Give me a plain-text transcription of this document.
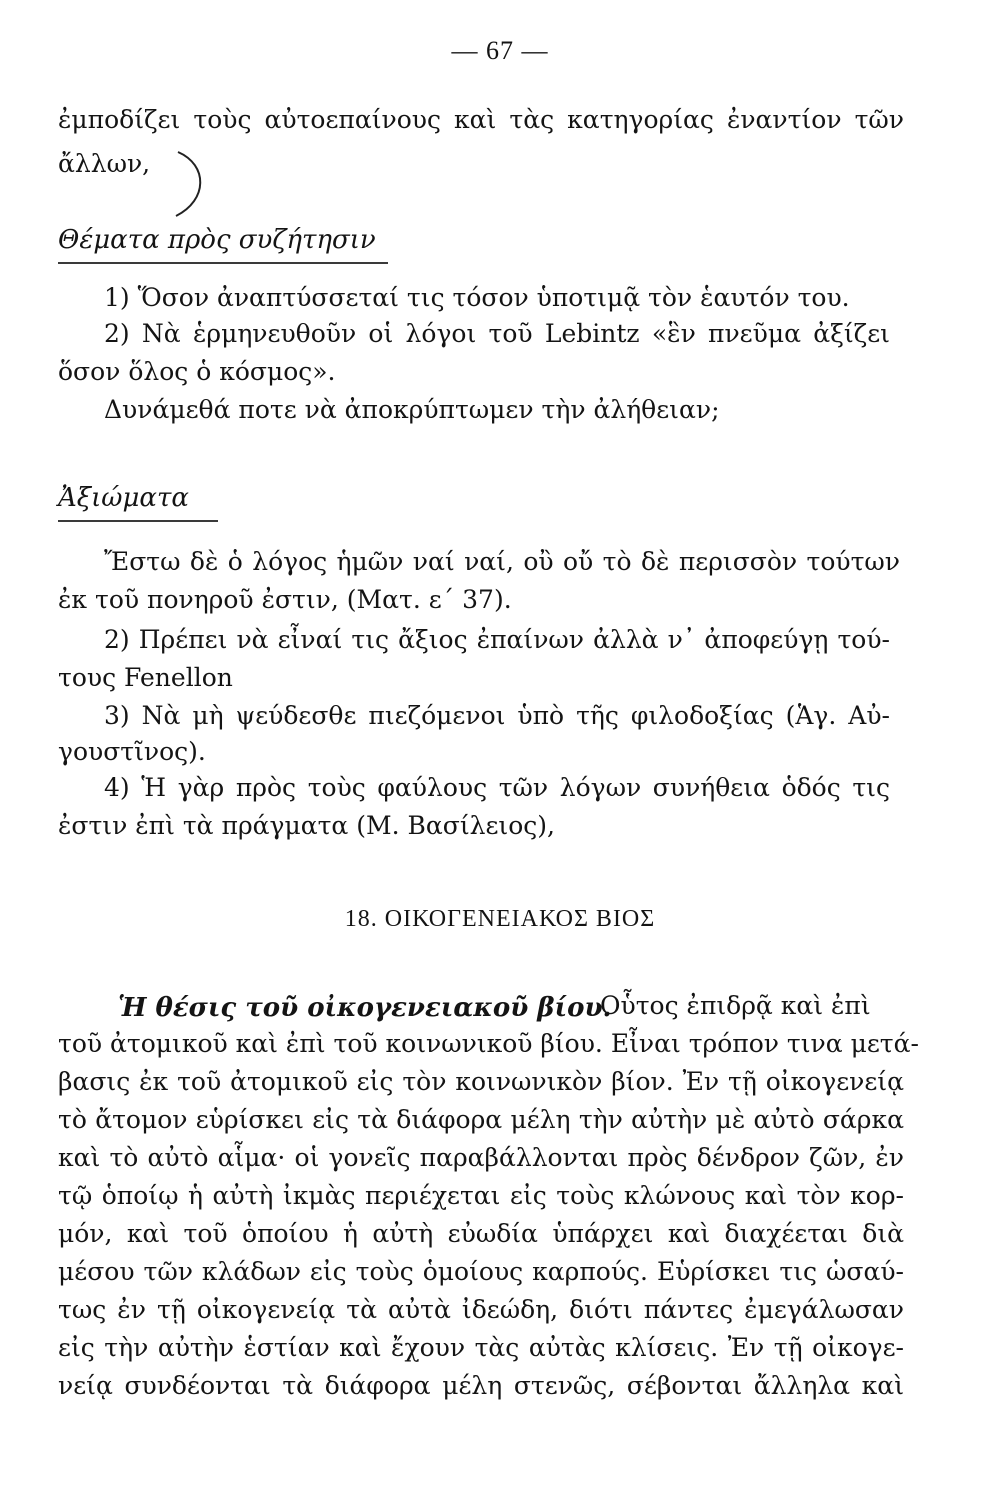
— 67 —
ἐμποδίζει τοὺς αὐτοεπαίνους καὶ τὰς κατηγορίας ἐναντίον τῶν
ἄλλων,
Θέματα πρὸς συζήτησιν
1) Ὅσον ἀναπτύσσεταί τις τόσον ὑποτιμᾷ τὸν ἑαυτόν του.
2) Νὰ ἑρμηνευθοῦν οἱ λόγοι τοῦ Lebintz «ἓν πνεῦμα ἀξίζει
ὅσον ὅλος ὁ κόσμος».
Δυνάμεθά ποτε νὰ ἀποκρύπτωμεν τὴν ἀλήθειαν;
Ἀξιώματα
Ἔστω δὲ ὁ λόγος ἡμῶν ναί ναί, οὒ οὔ τὸ δὲ περισσὸν τούτων
ἐκ τοῦ πονηροῦ ἐστιν, (Ματ. ε΄ 37).
2) Πρέπει νὰ εἶναί τις ἄξιος ἐπαίνων ἀλλὰ ν᾿ ἀποφεύγῃ τού-
τους Fenellon
3) Νὰ μὴ ψεύδεσθε πιεζόμενοι ὑπὸ τῆς φιλοδοξίας (Ἁγ. Αὐ-
γουστῖνος).
4) Ἡ γὰρ πρὸς τοὺς φαύλους τῶν λόγων συνήθεια ὁδός τις
ἐστιν ἐπὶ τὰ πράγματα (Μ. Βασίλειος),
18. ΟΙΚΟΓΕΝΕΙΑΚΟΣ ΒΙΟΣ
Ἡ θέσις τοῦ οἰκογενειακοῦ βίου.
Οὗτος ἐπιδρᾷ καὶ ἐπὶ
τοῦ ἀτομικοῦ καὶ ἐπὶ τοῦ κοινωνικοῦ βίου. Εἶναι τρόπον τινα μετά-
βασις ἐκ τοῦ ἀτομικοῦ εἰς τὸν κοινωνικὸν βίον. Ἐν τῇ οἰκογενείᾳ
τὸ ἄτομον εὑρίσκει εἰς τὰ διάφορα μέλη τὴν αὐτὴν μὲ αὐτὸ σάρκα
καὶ τὸ αὐτὸ αἷμα· οἱ γονεῖς παραβάλλονται πρὸς δένδρον ζῶν, ἐν
τῷ ὁποίῳ ἡ αὐτὴ ἰκμὰς περιέχεται εἰς τοὺς κλώνους καὶ τὸν κορ-
μόν, καὶ τοῦ ὁποίου ἡ αὐτὴ εὐωδία ὑπάρχει καὶ διαχέεται διὰ
μέσου τῶν κλάδων εἰς τοὺς ὁμοίους καρπούς. Εὑρίσκει τις ὡσαύ-
τως ἐν τῇ οἰκογενείᾳ τὰ αὐτὰ ἰδεώδη, διότι πάντες ἐμεγάλωσαν
εἰς τὴν αὐτὴν ἑστίαν καὶ ἔχουν τὰς αὐτὰς κλίσεις. Ἐν τῇ οἰκογε-
νείᾳ συνδέονται τὰ διάφορα μέλη στενῶς, σέβονται ἄλληλα καὶ
